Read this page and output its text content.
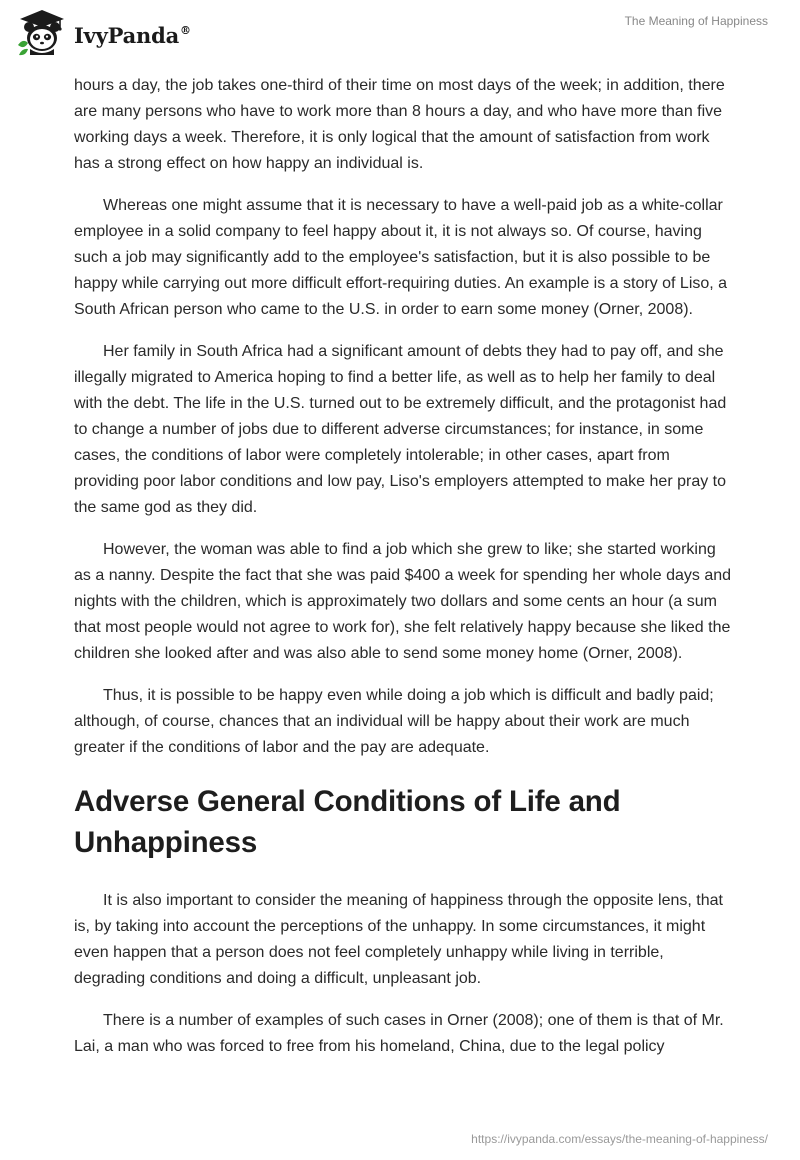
IvyPanda®
The Meaning of Happiness

hours a day, the job takes one-third of their time on most days of the week; in addition, there are many persons who have to work more than 8 hours a day, and who have more than five working days a week. Therefore, it is only logical that the amount of satisfaction from work has a strong effect on how happy an individual is.

Whereas one might assume that it is necessary to have a well-paid job as a white-collar employee in a solid company to feel happy about it, it is not always so. Of course, having such a job may significantly add to the employee's satisfaction, but it is also possible to be happy while carrying out more difficult effort-requiring duties. An example is a story of Liso, a South African person who came to the U.S. in order to earn some money (Orner, 2008).

Her family in South Africa had a significant amount of debts they had to pay off, and she illegally migrated to America hoping to find a better life, as well as to help her family to deal with the debt. The life in the U.S. turned out to be extremely difficult, and the protagonist had to change a number of jobs due to different adverse circumstances; for instance, in some cases, the conditions of labor were completely intolerable; in other cases, apart from providing poor labor conditions and low pay, Liso's employers attempted to make her pray to the same god as they did.

However, the woman was able to find a job which she grew to like; she started working as a nanny. Despite the fact that she was paid $400 a week for spending her whole days and nights with the children, which is approximately two dollars and some cents an hour (a sum that most people would not agree to work for), she felt relatively happy because she liked the children she looked after and was also able to send some money home (Orner, 2008).

Thus, it is possible to be happy even while doing a job which is difficult and badly paid; although, of course, chances that an individual will be happy about their work are much greater if the conditions of labor and the pay are adequate.

Adverse General Conditions of Life and Unhappiness

It is also important to consider the meaning of happiness through the opposite lens, that is, by taking into account the perceptions of the unhappy. In some circumstances, it might even happen that a person does not feel completely unhappy while living in terrible, degrading conditions and doing a difficult, unpleasant job.

There is a number of examples of such cases in Orner (2008); one of them is that of Mr. Lai, a man who was forced to free from his homeland, China, due to the legal policy

https://ivypanda.com/essays/the-meaning-of-happiness/
